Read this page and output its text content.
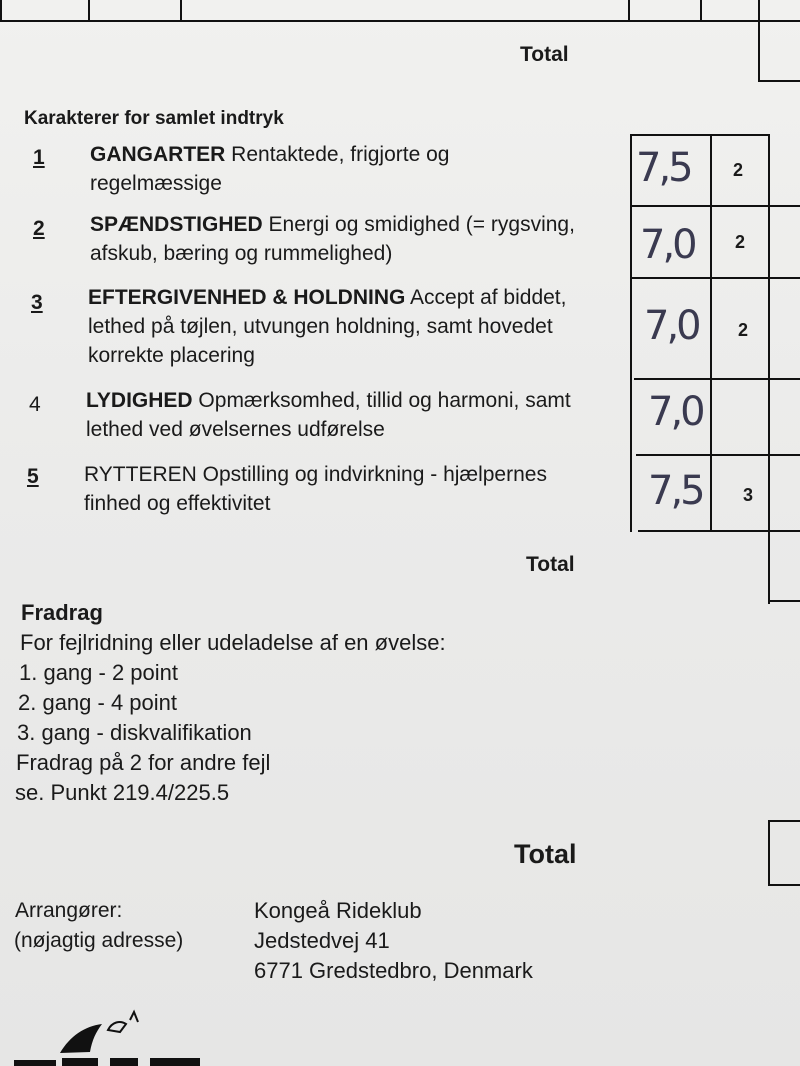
Total
Karakterer for samlet indtryk
1 GANGARTER Rentaktede, frigjorte og
regelmæssige
2 SPÆNDSTIGHED Energi og smidighed (= rygsving,
afskub, bæring og rummelighed)
3 EFTERGIVENHED & HOLDNING Accept af biddet,
lethed på tøjlen, utvungen holdning, samt hovedet
korrekte placering
4 LYDIGHED Opmærksomhed, tillid og harmoni, samt
lethed ved øvelsernes udførelse
5 RYTTEREN Opstilling og indvirkning - hjælpernes
finhed og effektivitet
7,5
7,0
7,0
7,0
7,5
2
2
2
3
Total
Fradrag
For fejlridning eller udeladelse af en øvelse:
1. gang - 2 point
2. gang - 4 point
3. gang - diskvalifikation
Fradrag på 2 for andre fejl
se. Punkt 219.4/225.5
Total
Arrangører:
(nøjagtig adresse)
Kongeå Rideklub
Jedstedvej 41
6771 Gredstedbro, Denmark
